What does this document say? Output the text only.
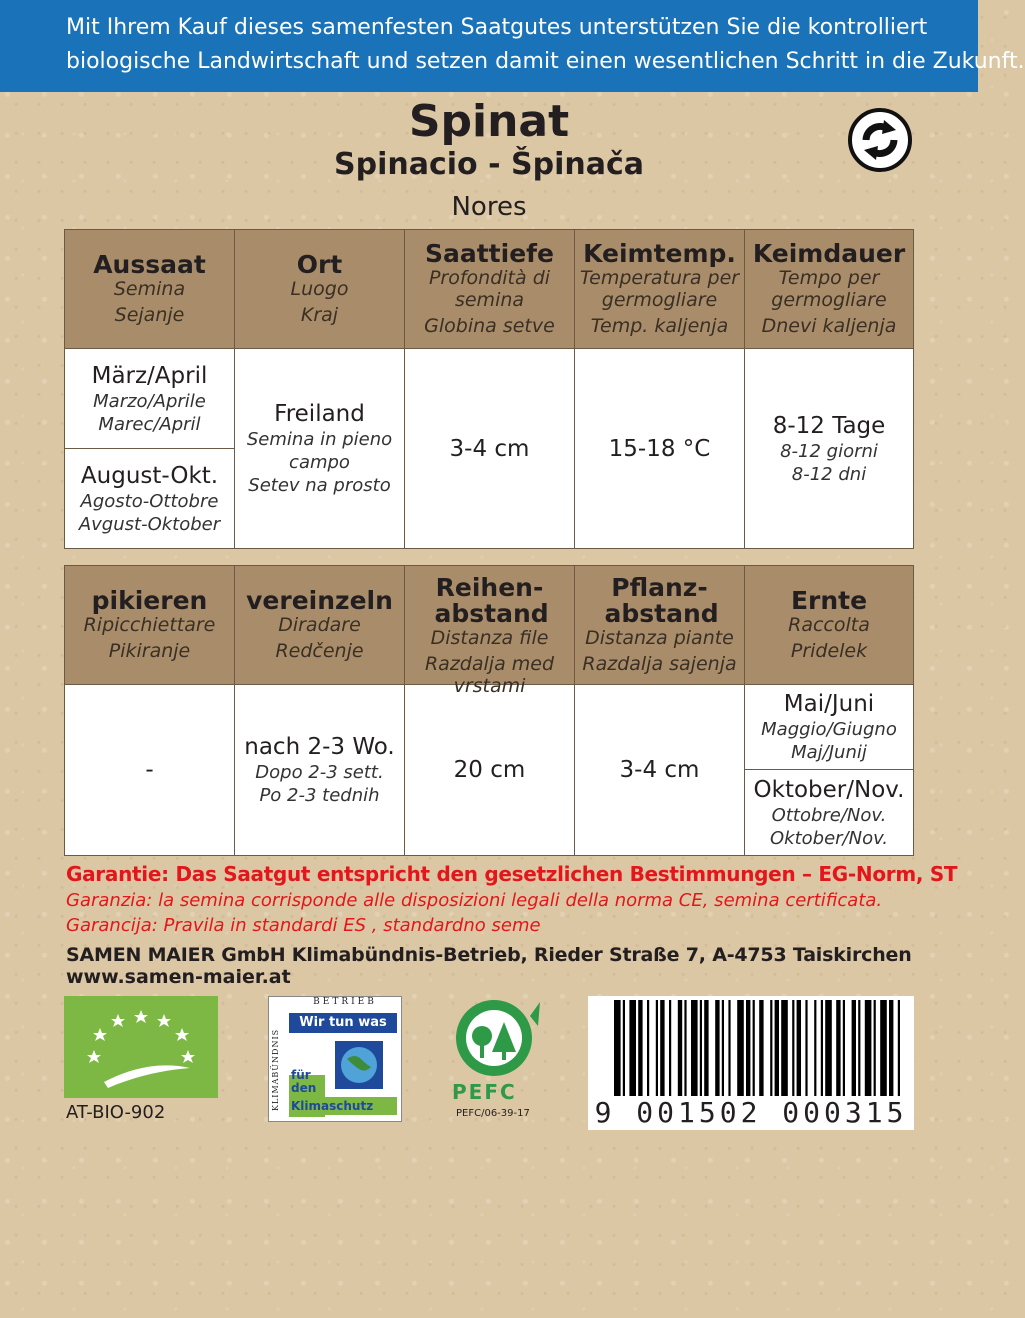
Mit Ihrem Kauf dieses samenfesten Saatgutes unterstützen Sie die kontrolliert
biologische Landwirtschaft und setzen damit einen wesentlichen Schritt in die Zukunft.
Spinat
Spinacio - Špinača
Nores
Aussaat
Semina
Sejanje	Ort
Luogo
Kraj	Saattiefe
Profondità di semina
Globina setve	Keimtemp.
Temperatura per germogliare
Temp. kaljenja	Keimdauer
Tempo per germogliare
Dnevi kaljenja

März/April
Marzo/Aprile
Marec/April	Freiland
Semina in pieno campo
Setev na prosto	3-4 cm	15-18 °C	8-12 Tage
8-12 giorni
8-12 dni

August-Okt.
Agosto-Ottobre
Avgust-Oktober				
pikieren
Ripicchiettare
Pikiranje	vereinzeln
Diradare
Redčenje	Reihen-abstand
Distanza file
Razdalja med vrstami	Pflanz-abstand
Distanza piante
Razdalja sajenja	Ernte
Raccolta
Pridelek

-	nach 2-3 Wo.
Dopo 2-3 sett.
Po 2-3 tednih	20 cm	3-4 cm	Mai/Juni
Maggio/Giugno
Maj/Junij

				Oktober/Nov.
Ottobre/Nov.
Oktober/Nov.
Garantie: Das Saatgut entspricht den gesetzlichen Bestimmungen – EG-Norm, ST
Garanzia: la semina corrisponde alle disposizioni legali della norma CE, semina certificata.
Garancija: Pravila in standardi ES , standardno seme
SAMEN MAIER GmbH Klimabündnis-Betrieb, Rieder Straße 7, A-4753 Taiskirchen
www.samen-maier.at
AT-BIO-902
BETRIEB
KLIMABÜNDNIS
Wir tun was
für
den
Klimaschutz
PEFC
PEFC/06-39-17 9 001502 000315
